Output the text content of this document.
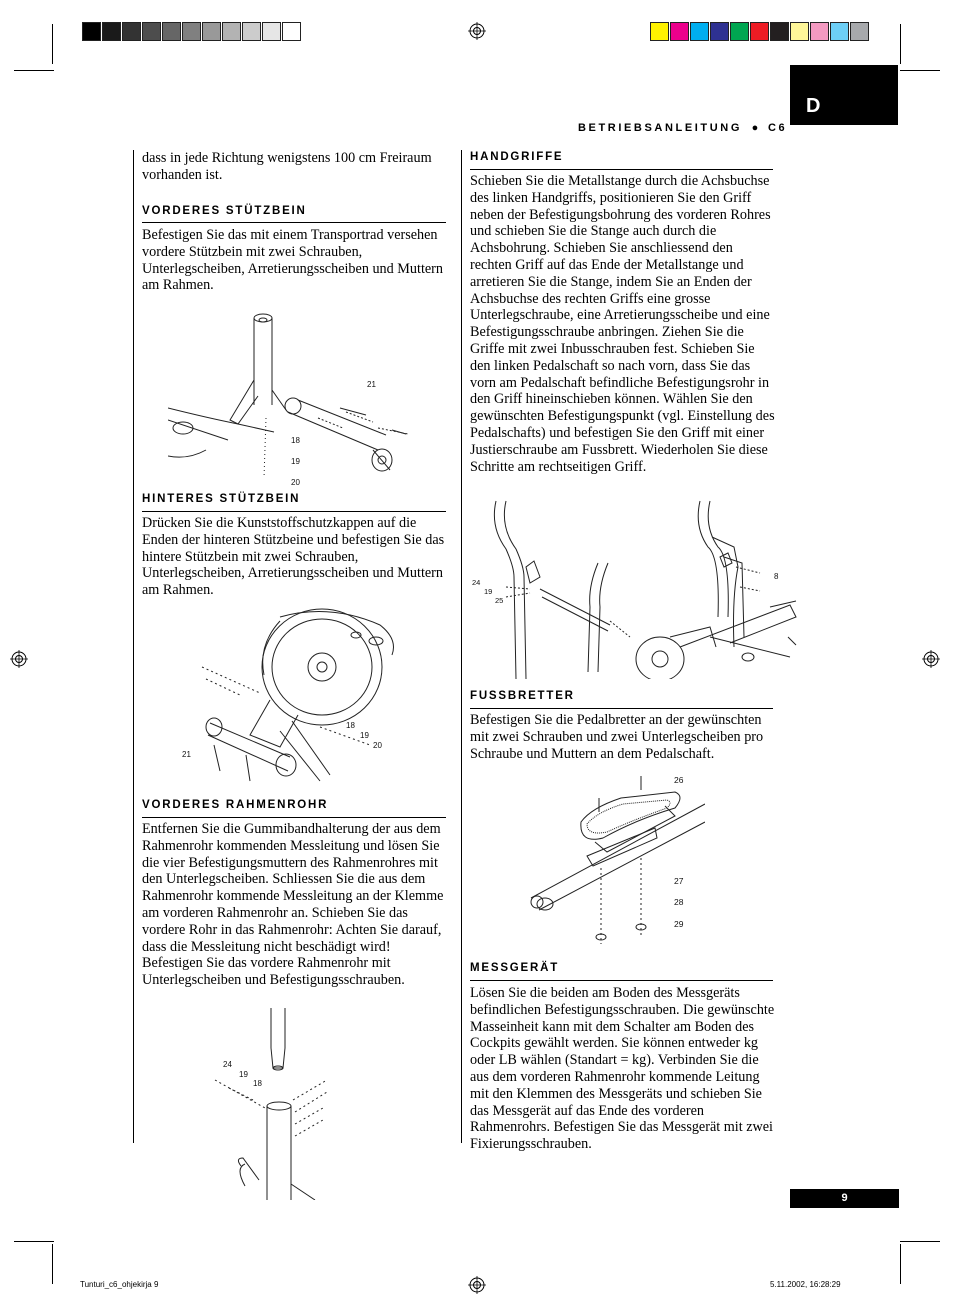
D
BETRIEBSANLEITUNG ● C6
dass in jede Richtung wenigstens 100 cm Freiraum vorhanden ist.
VORDERES STÜTZBEIN
Befestigen Sie das mit einem Transportrad versehen vordere Stützbein mit zwei Schrauben, Unterlegscheiben, Arretierungsscheiben und Muttern am Rahmen.
21
18
19
20
HINTERES STÜTZBEIN
Drücken Sie die Kunststoffschutzkappen auf die Enden der hinteren Stützbeine und befestigen Sie das hintere Stützbein mit zwei Schrauben, Unterlegscheiben, Arretierungsscheiben und Muttern am Rahmen.
18
19
20
21
VORDERES RAHMENROHR
Entfernen Sie die Gummibandhalterung der aus dem Rahmenrohr kommenden Messleitung und lösen Sie die vier Befestigungsmuttern des Rahmenrohres mit den Unterlegscheiben. Schliessen Sie die aus dem Rahmenrohr kommende Messleitung an der Klemme am vorderen Rahmenrohr an. Schieben Sie das vordere Rohr in das Rahmenrohr: Achten Sie darauf, dass die Messleitung nicht beschädigt wird! Befestigen Sie das vordere Rahmenrohr mit Unterlegscheiben und Befestigungsschrauben.
24
19
18
HANDGRIFFE
Schieben Sie die Metallstange durch die Achsbuchse des linken Handgriffs, positionieren Sie den Griff neben der Befestigungsbohrung des vorderen Rohres und schieben Sie die Stange auch durch die Achsbohrung. Schieben Sie anschliessend den rechten Griff auf das Ende der Metallstange und arretieren Sie die Stange, indem Sie an Enden der Achsbuchse des rechten Griffs eine grosse Unterlegschraube, eine Arretierungsscheibe und eine Befestigungsschraube anbringen. Ziehen Sie die Griffe mit zwei Inbusschrauben fest. Schieben Sie den linken Pedalschaft so nach vorn, dass Sie das vorn am Pedalschaft befindliche Befestigungsrohr in den Griff hineinschieben können. Wählen Sie den gewünschten Befestigungspunkt (vgl. Einstellung des Pedalschafts) und befestigen Sie den Griff mit einer Justierschraube am Fussbrett. Wiederholen Sie diese Schritte am rechtseitigen Griff.
24
19
25
8
FUSSBRETTER
Befestigen Sie die Pedalbretter an der gewünschten mit zwei Schrauben und zwei Unterlegscheiben pro Schraube und Muttern an dem Pedalschaft.
26
27
28
29
MESSGERÄT
Lösen Sie die beiden am Boden des Messgeräts befindlichen Befestigungsschrauben. Die gewünschte Masseinheit kann mit dem Schalter am Boden des Cockpits gewählt werden. Sie können entweder kg oder LB wählen (Standart = kg). Verbinden Sie die aus dem vorderen Rahmenrohr kommende Leitung mit den Klemmen des Messgeräts und schieben Sie das Messgerät auf das Ende des vorderen Rahmenrohrs. Befestigen Sie das Messgerät mit zwei Fixierungsschrauben.
9
Tunturi_c6_ohjekirja 9	5.11.2002, 16:28:29
